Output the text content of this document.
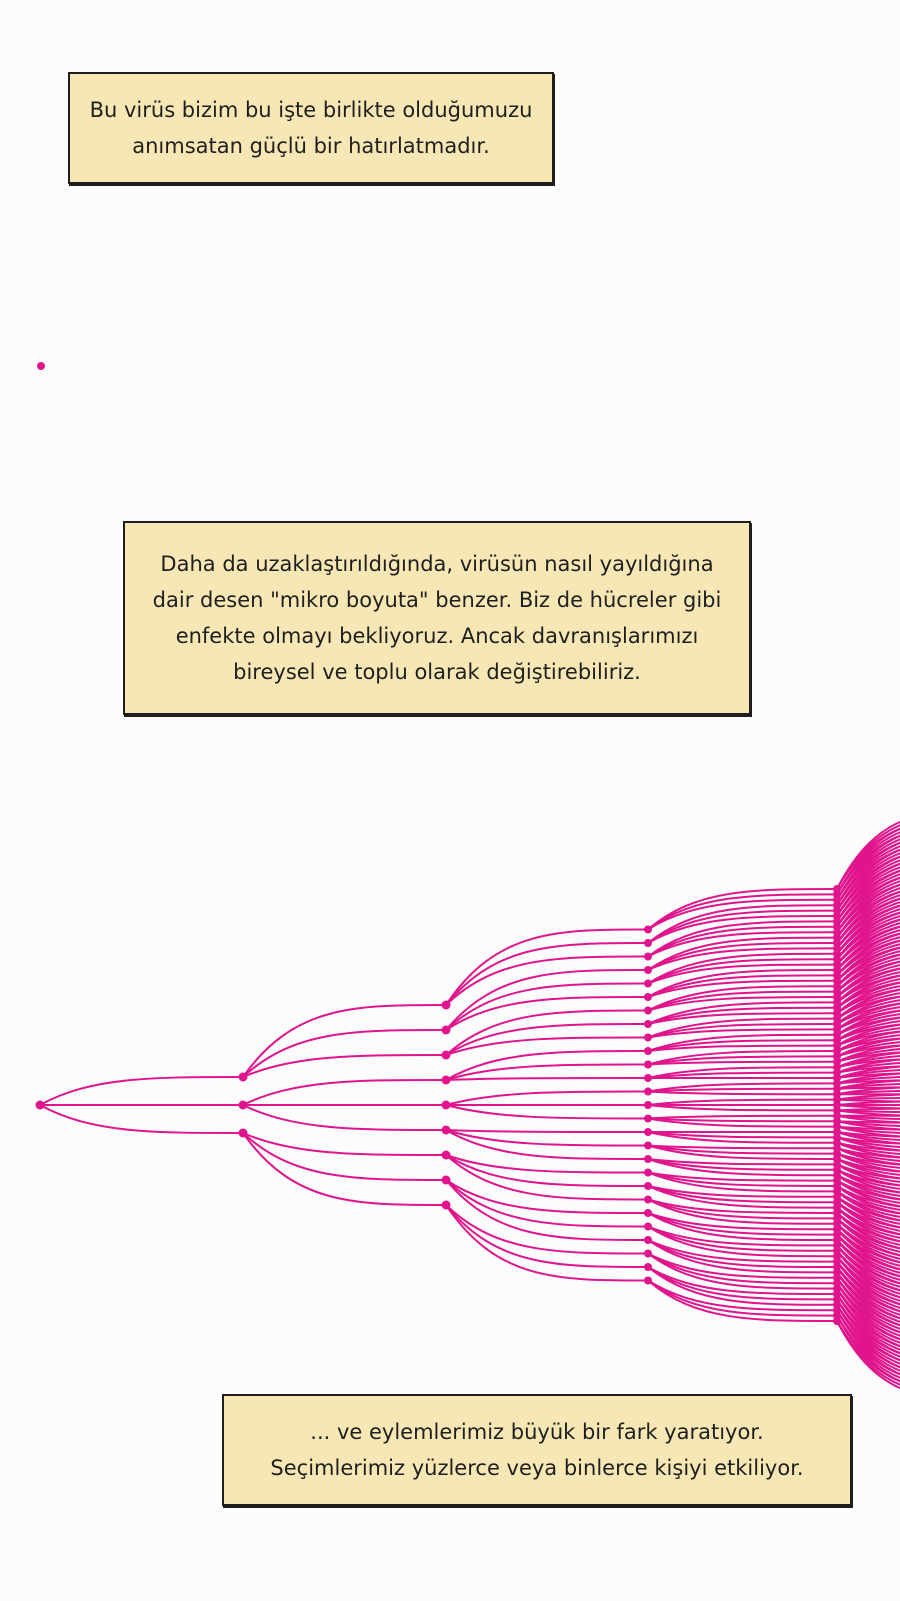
Bu virüs bizim bu işte birlikte olduğumuzu
anımsatan güçlü bir hatırlatmadır.
Daha da uzaklaştırıldığında, virüsün nasıl yayıldığına
dair desen "mikro boyuta" benzer. Biz de hücreler gibi
enfekte olmayı bekliyoruz. Ancak davranışlarımızı
bireysel ve toplu olarak değiştirebiliriz.
... ve eylemlerimiz büyük bir fark yaratıyor.
Seçimlerimiz yüzlerce veya binlerce kişiyi etkiliyor.
